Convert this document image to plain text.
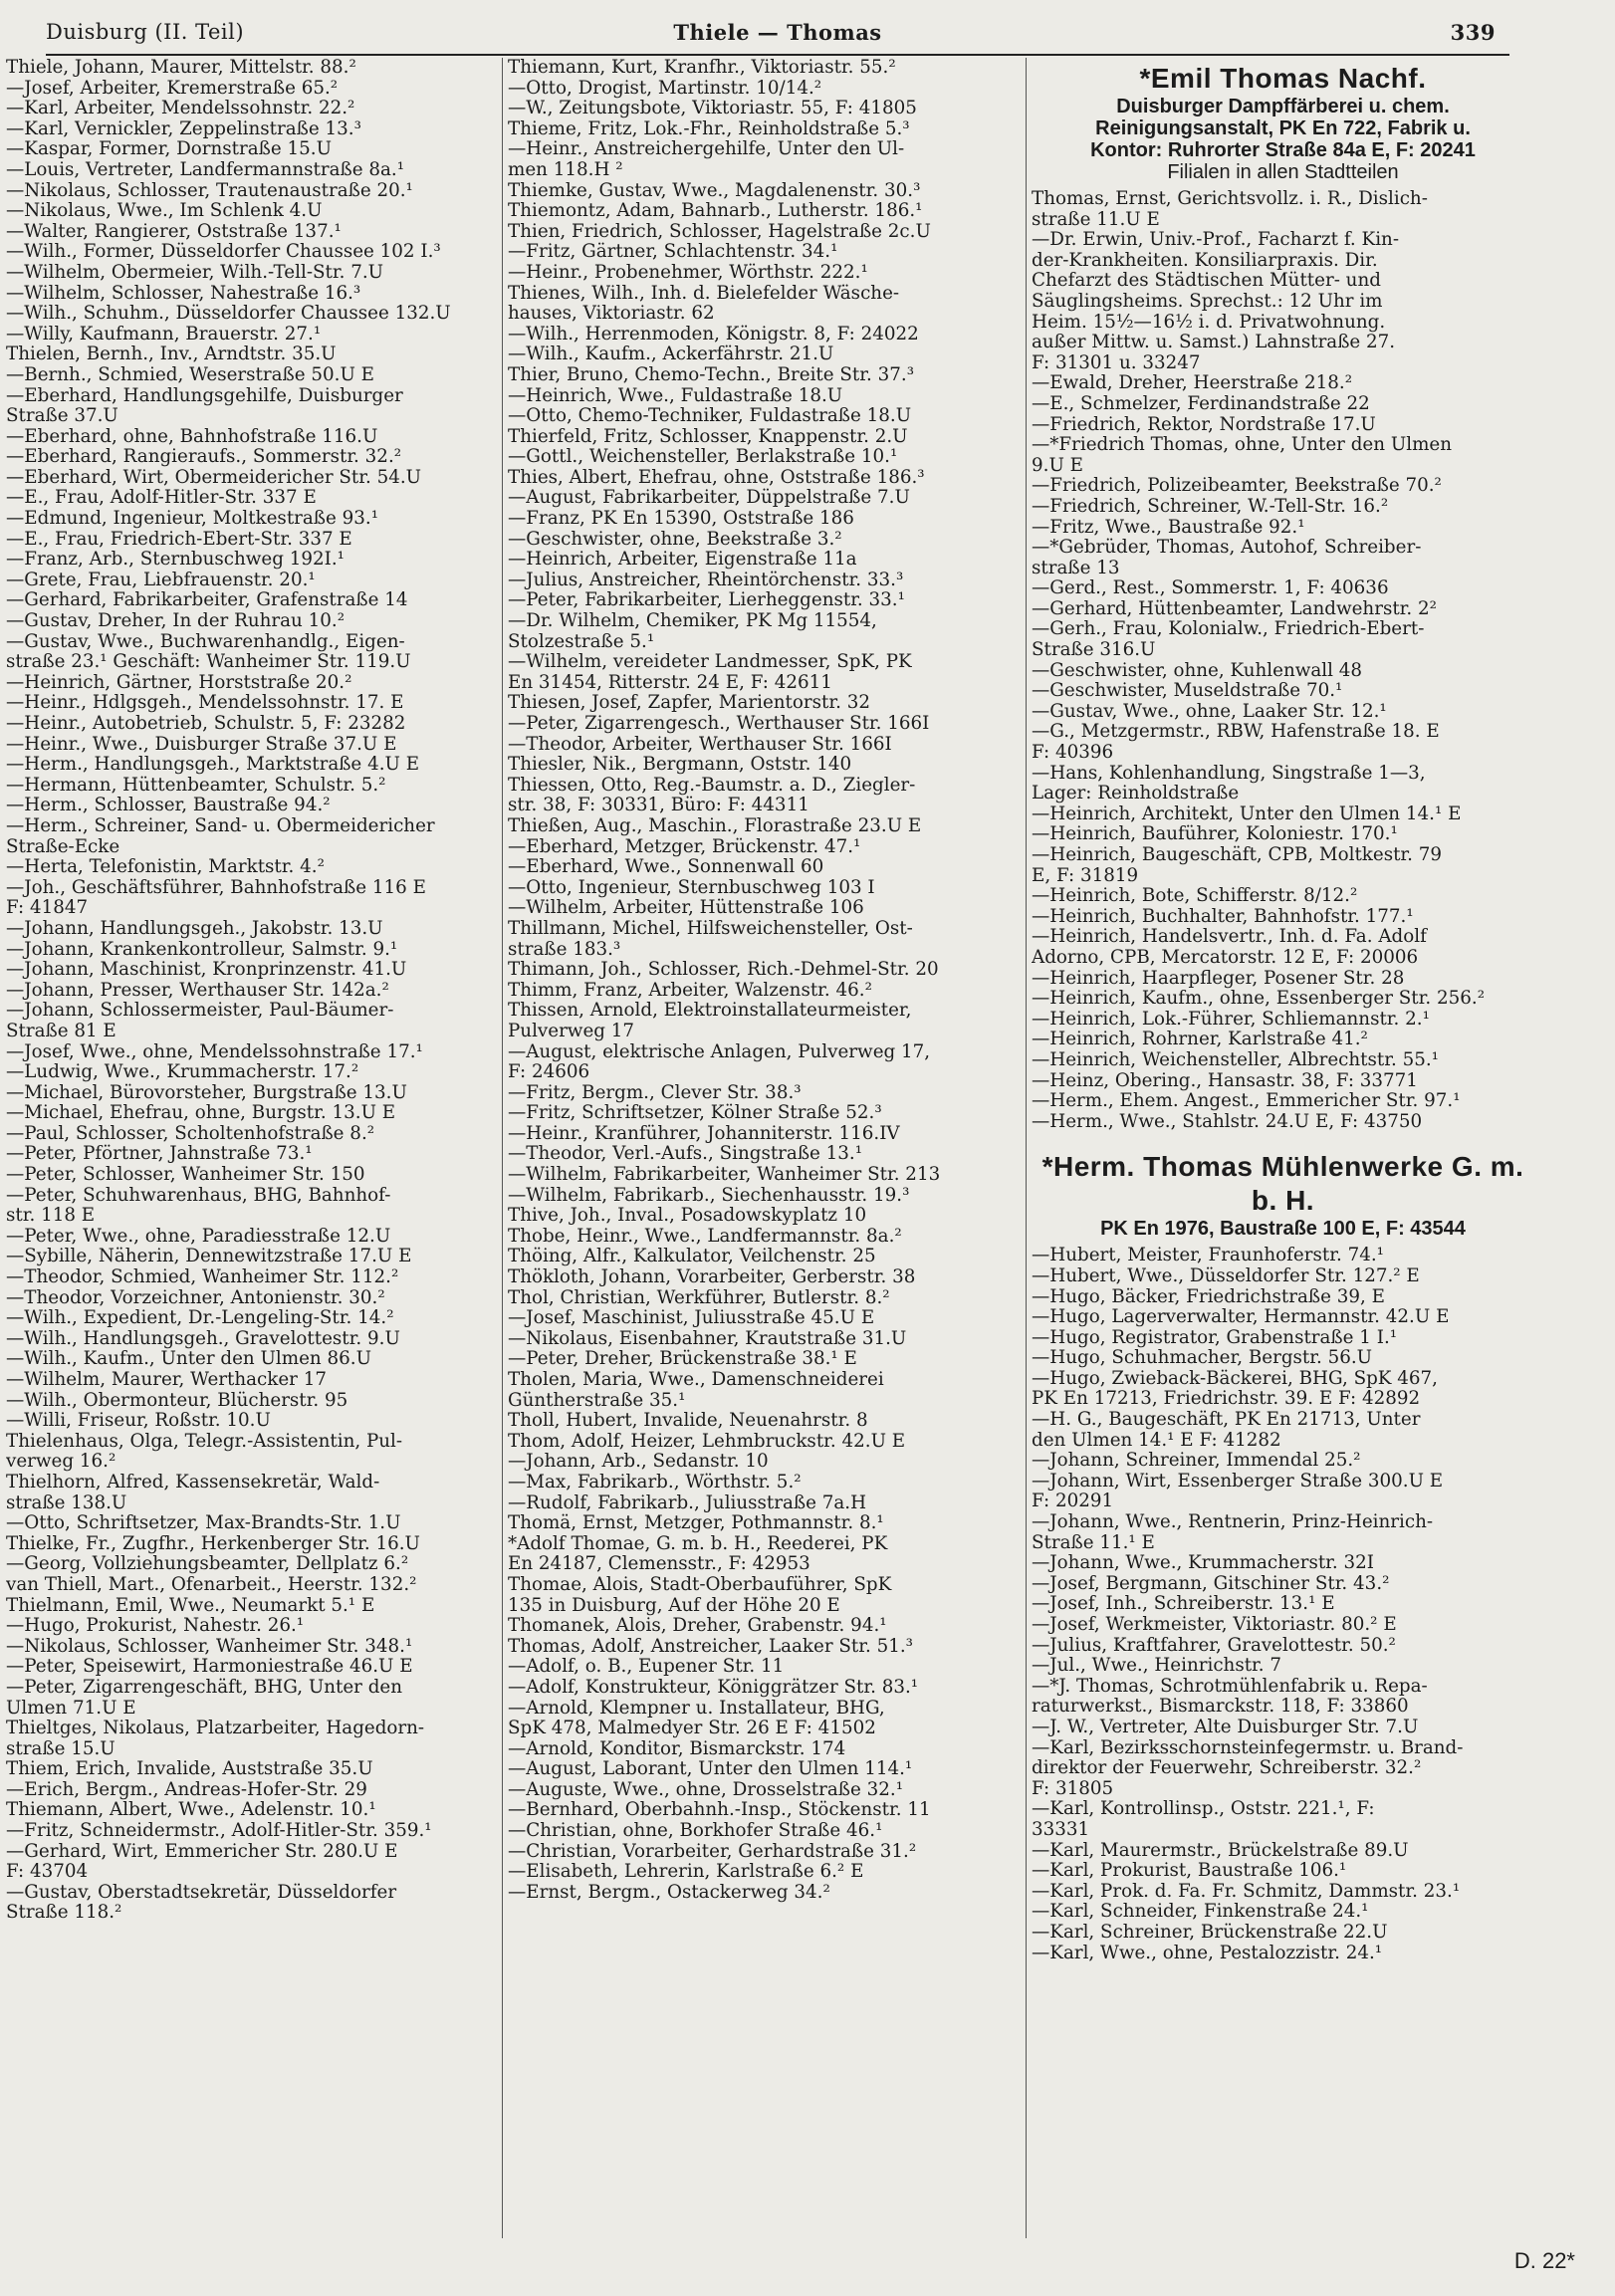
Duisburg (II. Teil)	Thiele — Thomas	339
Thiele, Johann, Maurer, Mittelstr. 88.²
—Josef, Arbeiter, Kremerstraße 65.²
—Karl, Arbeiter, Mendelssohnstr. 22.²
—Karl, Vernickler, Zeppelinstraße 13.³
—Kaspar, Former, Dornstraße 15.U
—Louis, Vertreter, Landfermannstraße 8a.¹
—Nikolaus, Schlosser, Trautenaustraße 20.¹
—Nikolaus, Wwe., Im Schlenk 4.U
—Walter, Rangierer, Oststraße 137.¹
—Wilh., Former, Düsseldorfer Chaussee 102 I.³
—Wilhelm, Obermeier, Wilh.-Tell-Str. 7.U
—Wilhelm, Schlosser, Nahestraße 16.³
—Wilh., Schuhm., Düsseldorfer Chaussee 132.U
—Willy, Kaufmann, Brauerstr. 27.¹
Thielen, Bernh., Inv., Arndtstr. 35.U
—Bernh., Schmied, Weserstraße 50.U E
—Eberhard, Handlungsgehilfe, Duisburger
Straße 37.U
—Eberhard, ohne, Bahnhofstraße 116.U
—Eberhard, Rangieraufs., Sommerstr. 32.²
—Eberhard, Wirt, Obermeidericher Str. 54.U
—E., Frau, Adolf-Hitler-Str. 337 E
—Edmund, Ingenieur, Moltkestraße 93.¹
—E., Frau, Friedrich-Ebert-Str. 337 E
—Franz, Arb., Sternbuschweg 192I.¹
—Grete, Frau, Liebfrauenstr. 20.¹
—Gerhard, Fabrikarbeiter, Grafenstraße 14
—Gustav, Dreher, In der Ruhrau 10.²
—Gustav, Wwe., Buchwarenhandlg., Eigen-
straße 23.¹ Geschäft: Wanheimer Str. 119.U
—Heinrich, Gärtner, Horststraße 20.²
—Heinr., Hdlgsgeh., Mendelssohnstr. 17. E
—Heinr., Autobetrieb, Schulstr. 5, F: 23282
—Heinr., Wwe., Duisburger Straße 37.U E
—Herm., Handlungsgeh., Marktstraße 4.U E
—Hermann, Hüttenbeamter, Schulstr. 5.²
—Herm., Schlosser, Baustraße 94.²
—Herm., Schreiner, Sand- u. Obermeidericher
Straße-Ecke
—Herta, Telefonistin, Marktstr. 4.²
—Joh., Geschäftsführer, Bahnhofstraße 116 E
F: 41847
—Johann, Handlungsgeh., Jakobstr. 13.U
—Johann, Krankenkontrolleur, Salmstr. 9.¹
—Johann, Maschinist, Kronprinzenstr. 41.U
—Johann, Presser, Werthauser Str. 142a.²
—Johann, Schlossermeister, Paul-Bäumer-
Straße 81 E
—Josef, Wwe., ohne, Mendelssohnstraße 17.¹
—Ludwig, Wwe., Krummacherstr. 17.²
—Michael, Bürovorsteher, Burgstraße 13.U
—Michael, Ehefrau, ohne, Burgstr. 13.U E
—Paul, Schlosser, Scholtenhofstraße 8.²
—Peter, Pförtner, Jahnstraße 73.¹
—Peter, Schlosser, Wanheimer Str. 150
—Peter, Schuhwarenhaus, BHG, Bahnhof-
str. 118 E
—Peter, Wwe., ohne, Paradiesstraße 12.U
—Sybille, Näherin, Dennewitzstraße 17.U E
—Theodor, Schmied, Wanheimer Str. 112.²
—Theodor, Vorzeichner, Antonienstr. 30.²
—Wilh., Expedient, Dr.-Lengeling-Str. 14.²
—Wilh., Handlungsgeh., Gravelottestr. 9.U
—Wilh., Kaufm., Unter den Ulmen 86.U
—Wilhelm, Maurer, Werthacker 17
—Wilh., Obermonteur, Blücherstr. 95
—Willi, Friseur, Roßstr. 10.U
Thielenhaus, Olga, Telegr.-Assistentin, Pul-
verweg 16.²
Thielhorn, Alfred, Kassensekretär, Wald-
straße 138.U
—Otto, Schriftsetzer, Max-Brandts-Str. 1.U
Thielke, Fr., Zugfhr., Herkenberger Str. 16.U
—Georg, Vollziehungsbeamter, Dellplatz 6.²
van Thiell, Mart., Ofenarbeit., Heerstr. 132.²
Thielmann, Emil, Wwe., Neumarkt 5.¹ E
—Hugo, Prokurist, Nahestr. 26.¹
—Nikolaus, Schlosser, Wanheimer Str. 348.¹
—Peter, Speisewirt, Harmoniestraße 46.U E
—Peter, Zigarrengeschäft, BHG, Unter den
Ulmen 71.U E
Thieltges, Nikolaus, Platzarbeiter, Hagedorn-
straße 15.U
Thiem, Erich, Invalide, Auststraße 35.U
—Erich, Bergm., Andreas-Hofer-Str. 29
Thiemann, Albert, Wwe., Adelenstr. 10.¹
—Fritz, Schneidermstr., Adolf-Hitler-Str. 359.¹
—Gerhard, Wirt, Emmericher Str. 280.U E
F: 43704
—Gustav, Oberstadtsekretär, Düsseldorfer
Straße 118.²
Thiemann, Kurt, Kranfhr., Viktoriastr. 55.²
—Otto, Drogist, Martinstr. 10/14.²
—W., Zeitungsbote, Viktoriastr. 55, F: 41805
Thieme, Fritz, Lok.-Fhr., Reinholdstraße 5.³
—Heinr., Anstreichergehilfe, Unter den Ul-
men 118.H ²
Thiemke, Gustav, Wwe., Magdalenenstr. 30.³
Thiemontz, Adam, Bahnarb., Lutherstr. 186.¹
Thien, Friedrich, Schlosser, Hagelstraße 2c.U
—Fritz, Gärtner, Schlachtenstr. 34.¹
—Heinr., Probenehmer, Wörthstr. 222.¹
Thienes, Wilh., Inh. d. Bielefelder Wäsche-
hauses, Viktoriastr. 62
—Wilh., Herrenmoden, Königstr. 8, F: 24022
—Wilh., Kaufm., Ackerfährstr. 21.U
Thier, Bruno, Chemo-Techn., Breite Str. 37.³
—Heinrich, Wwe., Fuldastraße 18.U
—Otto, Chemo-Techniker, Fuldastraße 18.U
Thierfeld, Fritz, Schlosser, Knappenstr. 2.U
—Gottl., Weichensteller, Berlakstraße 10.¹
Thies, Albert, Ehefrau, ohne, Oststraße 186.³
—August, Fabrikarbeiter, Düppelstraße 7.U
—Franz, PK En 15390, Oststraße 186
—Geschwister, ohne, Beekstraße 3.²
—Heinrich, Arbeiter, Eigenstraße 11a
—Julius, Anstreicher, Rheintörchenstr. 33.³
—Peter, Fabrikarbeiter, Lierheggenstr. 33.¹
—Dr. Wilhelm, Chemiker, PK Mg 11554,
Stolzestraße 5.¹
—Wilhelm, vereideter Landmesser, SpK, PK
En 31454, Ritterstr. 24 E, F: 42611
Thiesen, Josef, Zapfer, Marientorstr. 32
—Peter, Zigarrengesch., Werthauser Str. 166I
—Theodor, Arbeiter, Werthauser Str. 166I
Thiesler, Nik., Bergmann, Oststr. 140
Thiessen, Otto, Reg.-Baumstr. a. D., Ziegler-
str. 38, F: 30331, Büro: F: 44311
Thießen, Aug., Maschin., Florastraße 23.U E
—Eberhard, Metzger, Brückenstr. 47.¹
—Eberhard, Wwe., Sonnenwall 60
—Otto, Ingenieur, Sternbuschweg 103 I
—Wilhelm, Arbeiter, Hüttenstraße 106
Thillmann, Michel, Hilfsweichensteller, Ost-
straße 183.³
Thimann, Joh., Schlosser, Rich.-Dehmel-Str. 20
Thimm, Franz, Arbeiter, Walzenstr. 46.²
Thissen, Arnold, Elektroinstallateurmeister,
Pulverweg 17
—August, elektrische Anlagen, Pulverweg 17,
F: 24606
—Fritz, Bergm., Clever Str. 38.³
—Fritz, Schriftsetzer, Kölner Straße 52.³
—Heinr., Kranführer, Johanniterstr. 116.IV
—Theodor, Verl.-Aufs., Singstraße 13.¹
—Wilhelm, Fabrikarbeiter, Wanheimer Str. 213
—Wilhelm, Fabrikarb., Siechenhausstr. 19.³
Thive, Joh., Inval., Posadowskyplatz 10
Thobe, Heinr., Wwe., Landfermannstr. 8a.²
Thöing, Alfr., Kalkulator, Veilchenstr. 25
Thökloth, Johann, Vorarbeiter, Gerberstr. 38
Thol, Christian, Werkführer, Butlerstr. 8.²
—Josef, Maschinist, Juliusstraße 45.U E
—Nikolaus, Eisenbahner, Krautstraße 31.U
—Peter, Dreher, Brückenstraße 38.¹ E
Tholen, Maria, Wwe., Damenschneiderei
Güntherstraße 35.¹
Tholl, Hubert, Invalide, Neuenahrstr. 8
Thom, Adolf, Heizer, Lehmbruckstr. 42.U E
—Johann, Arb., Sedanstr. 10
—Max, Fabrikarb., Wörthstr. 5.²
—Rudolf, Fabrikarb., Juliusstraße 7a.H
Thomä, Ernst, Metzger, Pothmannstr. 8.¹
*Adolf Thomae, G. m. b. H., Reederei, PK
En 24187, Clemensstr., F: 42953
Thomae, Alois, Stadt-Oberbauführer, SpK
135 in Duisburg, Auf der Höhe 20 E
Thomanek, Alois, Dreher, Grabenstr. 94.¹
Thomas, Adolf, Anstreicher, Laaker Str. 51.³
—Adolf, o. B., Eupener Str. 11
—Adolf, Konstrukteur, Königgrätzer Str. 83.¹
—Arnold, Klempner u. Installateur, BHG,
SpK 478, Malmedyer Str. 26 E F: 41502
—Arnold, Konditor, Bismarckstr. 174
—August, Laborant, Unter den Ulmen 114.¹
—Auguste, Wwe., ohne, Drosselstraße 32.¹
—Bernhard, Oberbahnh.-Insp., Stöckenstr. 11
—Christian, ohne, Borkhofer Straße 46.¹
—Christian, Vorarbeiter, Gerhardstraße 31.²
—Elisabeth, Lehrerin, Karlstraße 6.² E
—Ernst, Bergm., Ostackerweg 34.²
*Emil Thomas Nachf.
Duisburger Dampffärberei u. chem.
Reinigungsanstalt, PK En 722, Fabrik u.
Kontor: Ruhrorter Straße 84a E, F: 20241
Filialen in allen Stadtteilen
Thomas, Ernst, Gerichtsvollz. i. R., Dislich-
straße 11.U E
—Dr. Erwin, Univ.-Prof., Facharzt f. Kin-
der-Krankheiten. Konsiliarpraxis. Dir.
Chefarzt des Städtischen Mütter- und
Säuglingsheims. Sprechst.: 12 Uhr im
Heim. 15½—16½ i. d. Privatwohnung.
außer Mittw. u. Samst.) Lahnstraße 27.
F: 31301 u. 33247
—Ewald, Dreher, Heerstraße 218.²
—E., Schmelzer, Ferdinandstraße 22
—Friedrich, Rektor, Nordstraße 17.U
—*Friedrich Thomas, ohne, Unter den Ulmen
9.U E
—Friedrich, Polizeibeamter, Beekstraße 70.²
—Friedrich, Schreiner, W.-Tell-Str. 16.²
—Fritz, Wwe., Baustraße 92.¹
—*Gebrüder, Thomas, Autohof, Schreiber-
straße 13
—Gerd., Rest., Sommerstr. 1, F: 40636
—Gerhard, Hüttenbeamter, Landwehrstr. 2²
—Gerh., Frau, Kolonialw., Friedrich-Ebert-
Straße 316.U
—Geschwister, ohne, Kuhlenwall 48
—Geschwister, Museldstraße 70.¹
—Gustav, Wwe., ohne, Laaker Str. 12.¹
—G., Metzgermstr., RBW, Hafenstraße 18. E
F: 40396
—Hans, Kohlenhandlung, Singstraße 1—3,
Lager: Reinholdstraße
—Heinrich, Architekt, Unter den Ulmen 14.¹ E
—Heinrich, Bauführer, Koloniestr. 170.¹
—Heinrich, Baugeschäft, CPB, Moltkestr. 79
E, F: 31819
—Heinrich, Bote, Schifferstr. 8/12.²
—Heinrich, Buchhalter, Bahnhofstr. 177.¹
—Heinrich, Handelsvertr., Inh. d. Fa. Adolf
Adorno, CPB, Mercatorstr. 12 E, F: 20006
—Heinrich, Haarpfleger, Posener Str. 28
—Heinrich, Kaufm., ohne, Essenberger Str. 256.²
—Heinrich, Lok.-Führer, Schliemannstr. 2.¹
—Heinrich, Rohrner, Karlstraße 41.²
—Heinrich, Weichensteller, Albrechtstr. 55.¹
—Heinz, Obering., Hansastr. 38, F: 33771
—Herm., Ehem. Angest., Emmericher Str. 97.¹
—Herm., Wwe., Stahlstr. 24.U E, F: 43750
*Herm. Thomas Mühlenwerke G. m. b. H.
PK En 1976, Baustraße 100 E, F: 43544
—Hubert, Meister, Fraunhoferstr. 74.¹
—Hubert, Wwe., Düsseldorfer Str. 127.² E
—Hugo, Bäcker, Friedrichstraße 39, E
—Hugo, Lagerverwalter, Hermannstr. 42.U E
—Hugo, Registrator, Grabenstraße 1 I.¹
—Hugo, Schuhmacher, Bergstr. 56.U
—Hugo, Zwieback-Bäckerei, BHG, SpK 467,
PK En 17213, Friedrichstr. 39. E F: 42892
—H. G., Baugeschäft, PK En 21713, Unter
den Ulmen 14.¹ E F: 41282
—Johann, Schreiner, Immendal 25.²
—Johann, Wirt, Essenberger Straße 300.U E
F: 20291
—Johann, Wwe., Rentnerin, Prinz-Heinrich-
Straße 11.¹ E
—Johann, Wwe., Krummacherstr. 32I
—Josef, Bergmann, Gitschiner Str. 43.²
—Josef, Inh., Schreiberstr. 13.¹ E
—Josef, Werkmeister, Viktoriastr. 80.² E
—Julius, Kraftfahrer, Gravelottestr. 50.²
—Jul., Wwe., Heinrichstr. 7
—*J. Thomas, Schrotmühlenfabrik u. Repa-
raturwerkst., Bismarckstr. 118, F: 33860
—J. W., Vertreter, Alte Duisburger Str. 7.U
—Karl, Bezirksschornsteinfegermstr. u. Brand-
direktor der Feuerwehr, Schreiberstr. 32.²
F: 31805
—Karl, Kontrollinsp., Oststr. 221.¹, F:
33331
—Karl, Maurermstr., Brückelstraße 89.U
—Karl, Prokurist, Baustraße 106.¹
—Karl, Prok. d. Fa. Fr. Schmitz, Dammstr. 23.¹
—Karl, Schneider, Finkenstraße 24.¹
—Karl, Schreiner, Brückenstraße 22.U
—Karl, Wwe., ohne, Pestalozzistr. 24.¹
D. 22*
